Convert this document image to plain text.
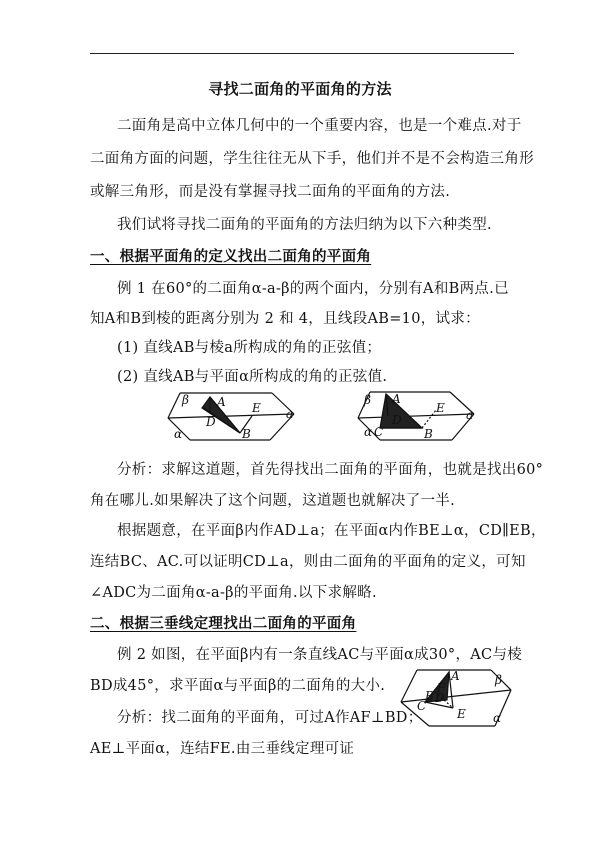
寻找二面角的平面角的方法
二面角是高中立体几何中的一个重要内容，也是一个难点.对于
二面角方面的问题，学生往往无从下手，他们并不是不会构造三角形
或解三角形，而是没有掌握寻找二面角的平面角的方法.
我们试将寻找二面角的平面角的方法归纳为以下六种类型.
一、根据平面角的定义找出二面角的平面角
例 1 在60°的二面角α-a-β的两个面内，分别有A和B两点.已
知A和B到棱的距离分别为 2 和 4，且线段AB=10，试求：
(1) 直线AB与棱a所构成的角的正弦值；
(2) 直线AB与平面α所构成的角的正弦值.
β A E a
D
B
α
β A
E a
D
C	B
α
分析：求解这道题，首先得找出二面角的平面角，也就是找出60°
角在哪儿.如果解决了这个问题，这道题也就解决了一半.
根据题意，在平面β内作AD⊥a；在平面α内作BE⊥α，CD∥EB，
连结BC、AC.可以证明CD⊥a，则由二面角的平面角的定义，可知
∠ADC为二面角α-a-β的平面角.以下求解略.
二、根据三垂线定理找出二面角的平面角
例 2 如图，在平面β内有一条直线AC与平面α成30°，AC与棱
BD成45°，求平面α与平面β的二面角的大小.
分析：找二面角的平面角，可过A作AF⊥BD；
AE⊥平面α，连结FE.由三垂线定理可证
A
F
B
C
D
E
β
α
